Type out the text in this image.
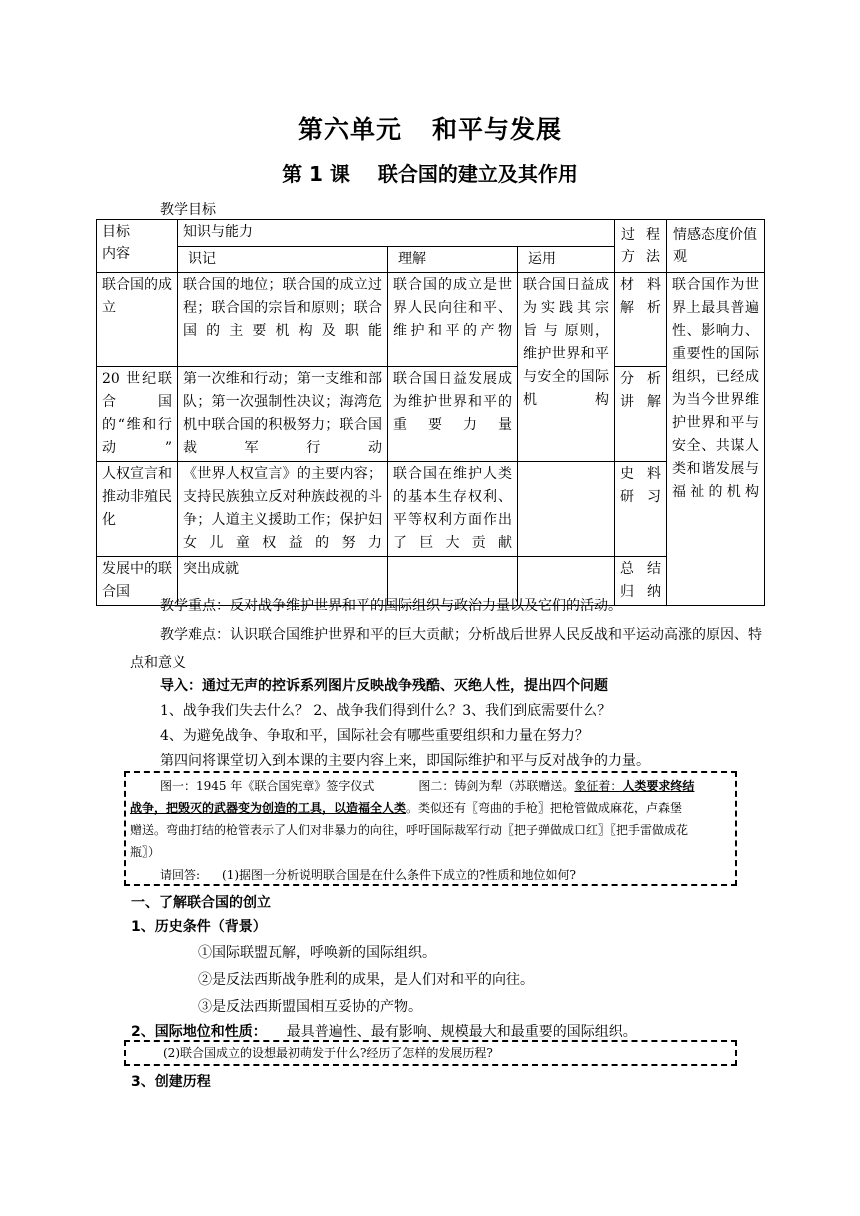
第六单元 和平与发展
第 1 课 联合国的建立及其作用
教学目标
目标
内容	知识与能力			过 程 方法	情感态度价值观
	识记	理解	运用		
联合国的成立	联合国的地位；联合国的成立过程；联合国的宗旨和原则；联合国的主要机构及职能	联合国的成立是世界人民向往和平、维护和平的产物	联合国日益成为实践其宗 旨 与 原则，维护世界和平与安全的国际机构	材 料 解析	联合国作为世界上最具普遍性、影响力、重要性的国际组织，已经成为当今世界维护世界和平与安全、共谋人类和谐发展与福祉的机构
20 世纪联合 国 的“维和行动”	第一次维和行动；第一支维和部队；第一次强制性决议；海湾危机中联合国的积极努力；联合国裁军行动	联合国日益发展成为维护世界和平的重要力量		分 析 讲解	
人权宣言和 推动非殖民化	《世界人权宣言》的主要内容；支持民族独立反对种族歧视的斗争；人道主义援助工作；保护妇女儿童权益的努力	联合国在维护人类的基本生存权利、平等权利方面作出了巨大贡献		史 料 研习	
发展中的联合国	突出成就			总 结 归纳	
教学重点：反对战争维护世界和平的国际组织与政治力量以及它们的活动。
教学难点：认识联合国维护世界和平的巨大贡献；分析战后世界人民反战和平运动高涨的原因、特点和意义
导入：通过无声的控诉系列图片反映战争残酷、灭绝人性，提出四个问题
1、战争我们失去什么？ 2、战争我们得到什么？3、我们到底需要什么？
4、为避免战争、争取和平，国际社会有哪些重要组织和力量在努力？
第四问将课堂切入到本课的主要内容上来，即国际维护和平与反对战争的力量。
图一：1945 年《联合国宪章》签字仪式	图二：铸剑为犁（苏联赠送。象征着：人类要求终结
战争，把毁灭的武器变为创造的工具，以造福全人类。类似还有〖弯曲的手枪〗把枪管做成麻花，卢森堡
赠送。弯曲打结的枪管表示了人们对非暴力的向往，呼吁国际裁军行动〖把子弹做成口红〗〖把手雷做成花
瓶〗）
请回答: (1)据图一分析说明联合国是在什么条件下成立的?性质和地位如何?
一、了解联合国的创立
1、历史条件（背景）
①国际联盟瓦解，呼唤新的国际组织。
②是反法西斯战争胜利的成果，是人们对和平的向往。
③是反法西斯盟国相互妥协的产物。
2、国际地位和性质： 最具普遍性、最有影响、规模最大和最重要的国际组织。
(2)联合国成立的设想最初萌发于什么?经历了怎样的发展历程?
3、创建历程
